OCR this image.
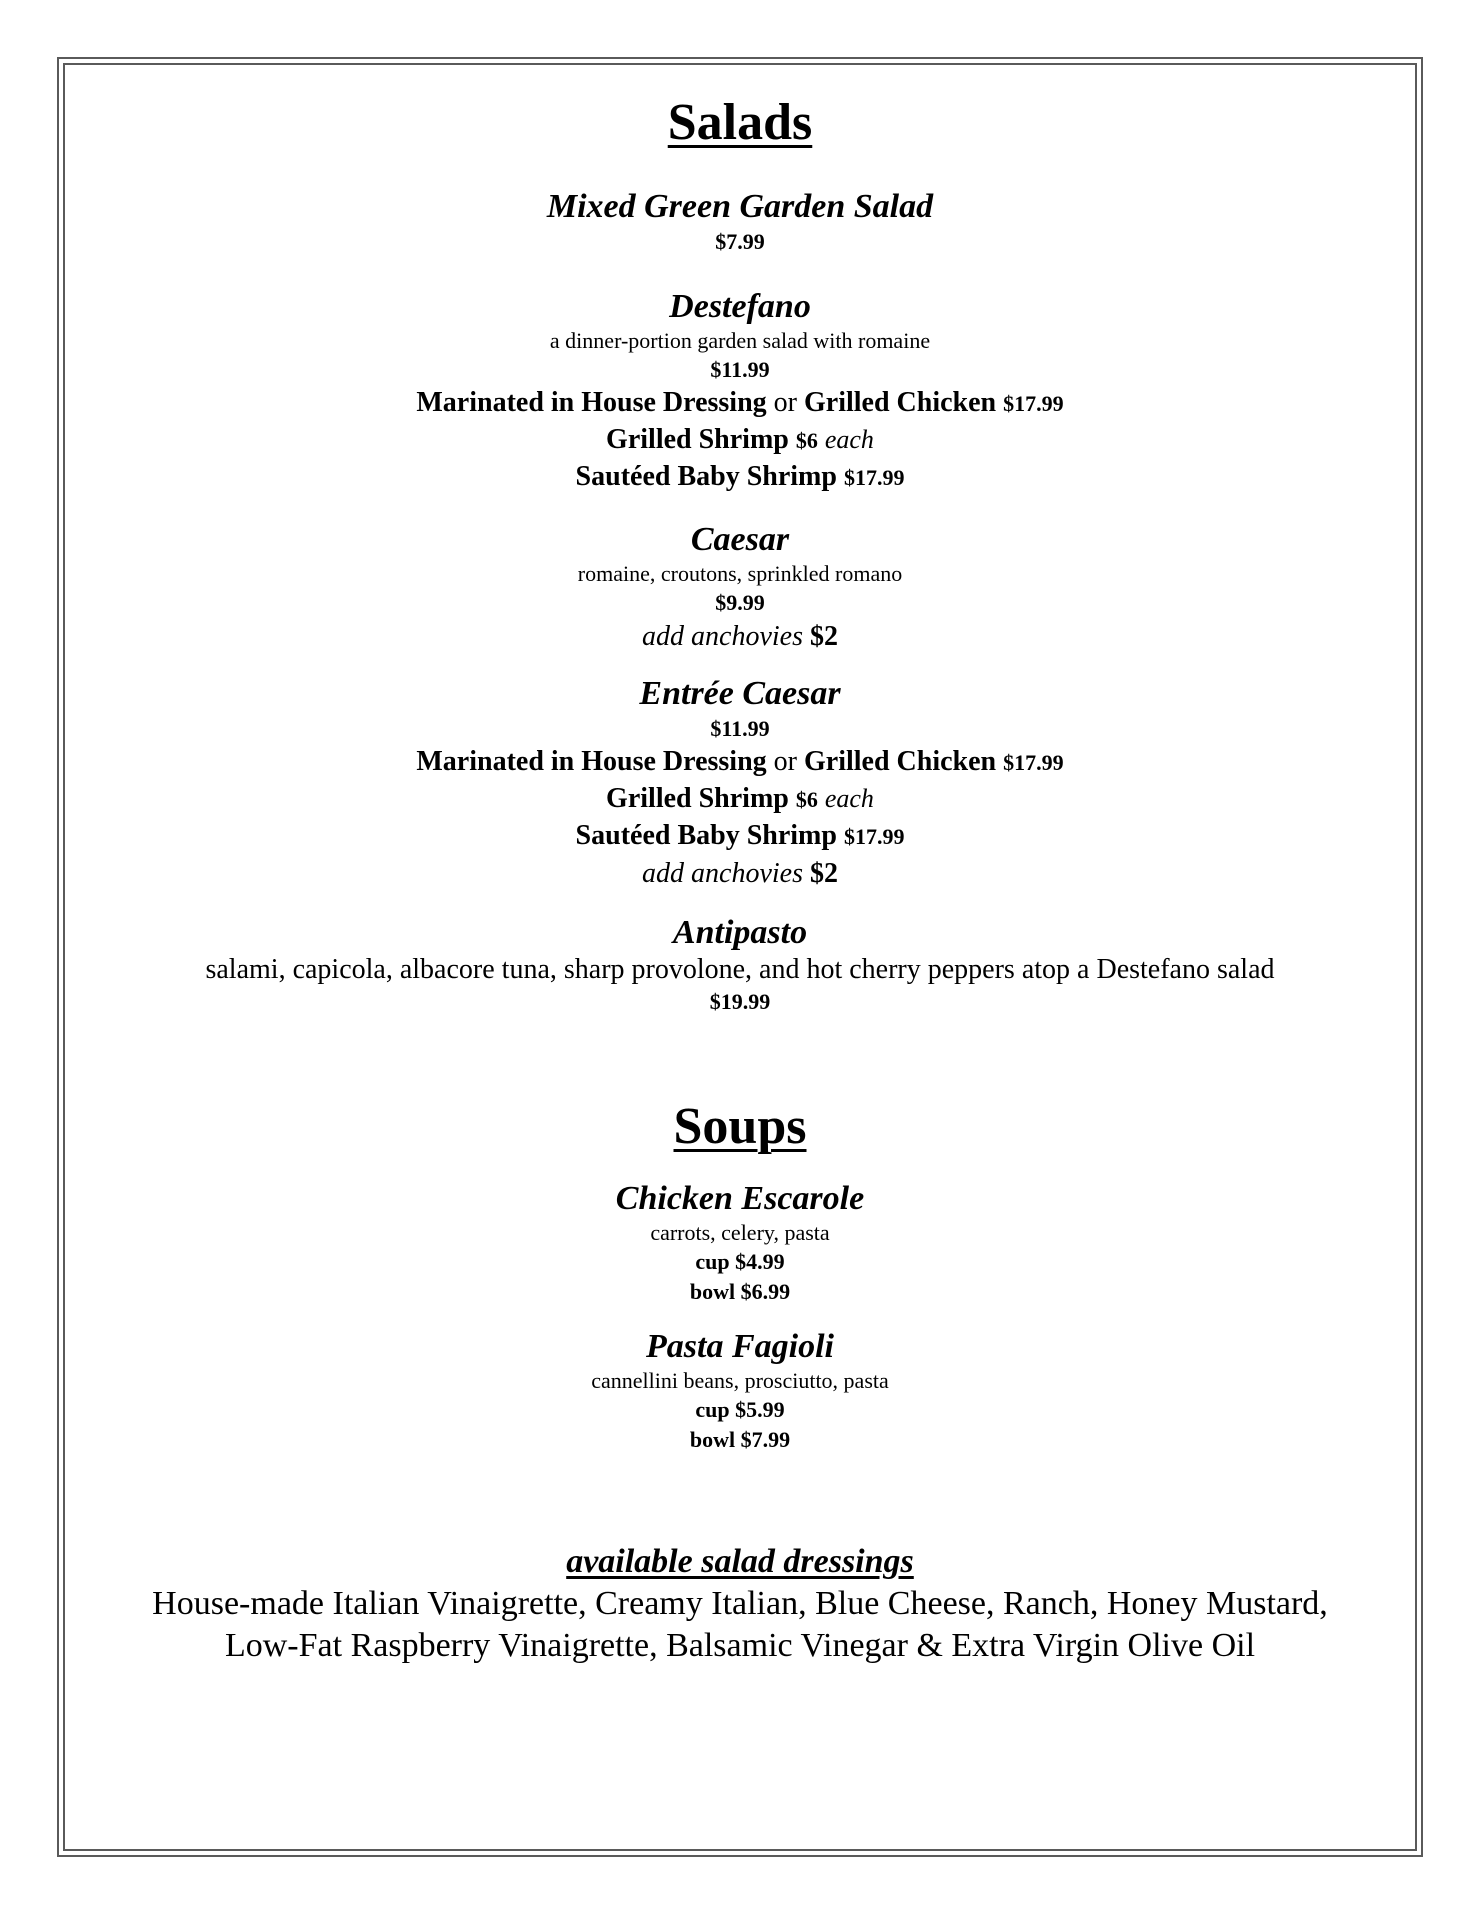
Salads
Mixed Green Garden Salad
$7.99
Destefano
a dinner-portion garden salad with romaine
$11.99
Marinated in House Dressing or Grilled Chicken $17.99
Grilled Shrimp $6 each
Sautéed Baby Shrimp $17.99
Caesar
romaine, croutons, sprinkled romano
$9.99
add anchovies $2
Entrée Caesar
$11.99
Marinated in House Dressing or Grilled Chicken $17.99
Grilled Shrimp $6 each
Sautéed Baby Shrimp $17.99
add anchovies $2
Antipasto
salami, capicola, albacore tuna, sharp provolone, and hot cherry peppers atop a Destefano salad
$19.99
Soups
Chicken Escarole
carrots, celery, pasta
cup $4.99
bowl $6.99
Pasta Fagioli
cannellini beans, prosciutto, pasta
cup $5.99
bowl $7.99
available salad dressings
House-made Italian Vinaigrette, Creamy Italian, Blue Cheese, Ranch, Honey Mustard,
Low-Fat Raspberry Vinaigrette, Balsamic Vinegar & Extra Virgin Olive Oil
